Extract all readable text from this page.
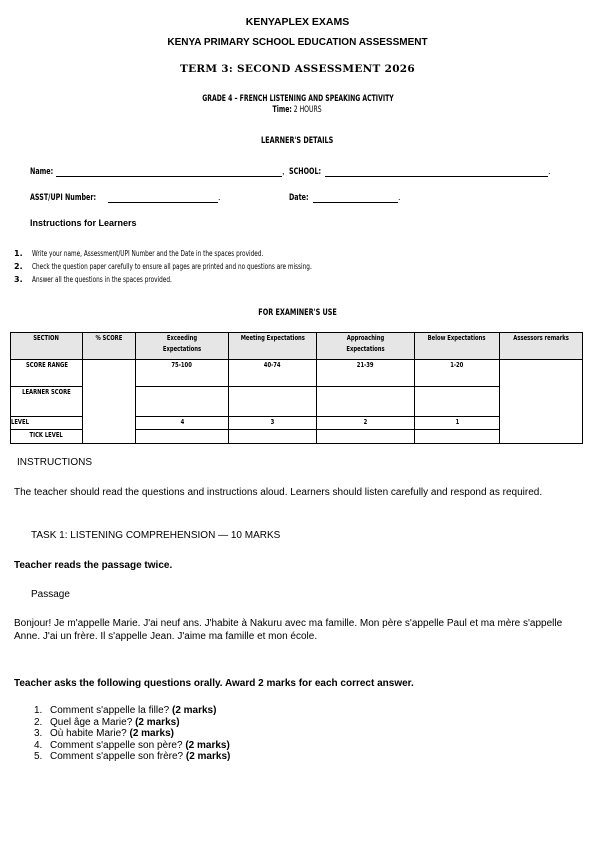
KENYAPLEX EXAMS
KENYA PRIMARY SCHOOL EDUCATION ASSESSMENT
TERM 3: SECOND ASSESSMENT 2026
GRADE 4 – FRENCH LISTENING AND SPEAKING ACTIVITY
Time: 2 HOURS
LEARNER'S DETAILS
Name:	, SCHOOL:	.
ASST/UPI Number:	.	Date:	.
Instructions for Learners
1. Write your name, Assessment/UPI Number and the Date in the spaces provided.
2. Check the question paper carefully to ensure all pages are printed and no questions are missing.
3. Answer all the questions in the spaces provided.
FOR EXAMINER'S USE
SECTION	% SCORE	Exceeding Expectations	Meeting Expectations	Approaching Expectations	Below Expectations	Assessors remarks
SCORE RANGE		75-100	40-74	21-39	1-20	
LEARNER SCORE						
LEVEL		4	3	2	1	
TICK LEVEL						
INSTRUCTIONS
The teacher should read the questions and instructions aloud. Learners should listen carefully and respond as required.
TASK 1: LISTENING COMPREHENSION — 10 MARKS
Teacher reads the passage twice.
Passage
Bonjour! Je m'appelle Marie. J'ai neuf ans. J'habite à Nakuru avec ma famille. Mon père s'appelle Paul et ma mère s'appelle Anne. J'ai un frère. Il s'appelle Jean. J'aime ma famille et mon école.
Teacher asks the following questions orally. Award 2 marks for each correct answer.
1. Comment s'appelle la fille? (2 marks)
2. Quel âge a Marie? (2 marks)
3. Où habite Marie? (2 marks)
4. Comment s'appelle son père? (2 marks)
5. Comment s'appelle son frère? (2 marks)
